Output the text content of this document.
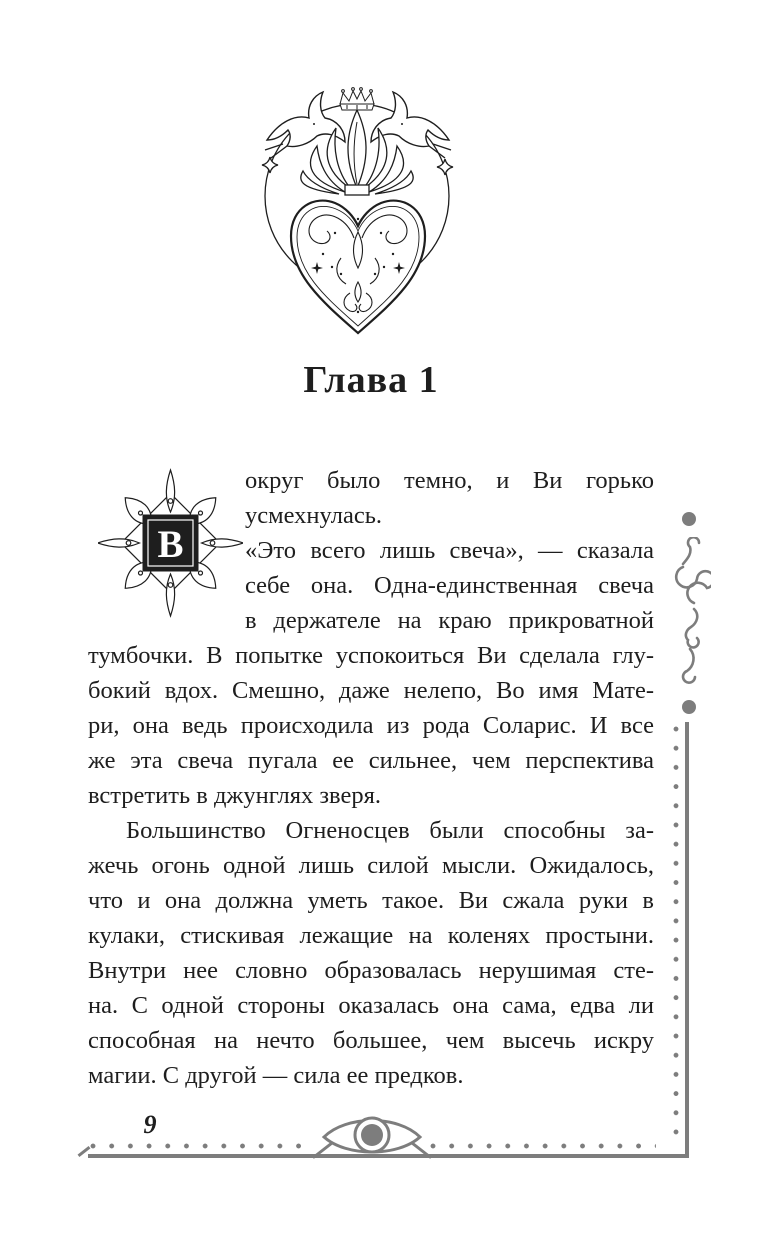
Глава 1
В

округ было темно, и Ви горько

усмехнулась.

«Это всего лишь свеча», — сказала

себе она. Одна-единственная свеча

в держателе на краю прикроватной

тумбочки. В попытке успокоиться Ви сделала глу-

бокий вдох. Смешно, даже нелепо, Во имя Мате-

ри, она ведь происходила из рода Соларис. И все

же эта свеча пугала ее сильнее, чем перспектива

встретить в джунглях зверя.

Большинство Огненосцев были способны за-

жечь огонь одной лишь силой мысли. Ожидалось,

что и она должна уметь такое. Ви сжала руки в

кулаки, стискивая лежащие на коленях простыни.

Внутри нее словно образовалась нерушимая сте-

на. С одной стороны оказалась она сама, едва ли

способная на нечто большее, чем высечь искру

магии. С другой — сила ее предков.

9
